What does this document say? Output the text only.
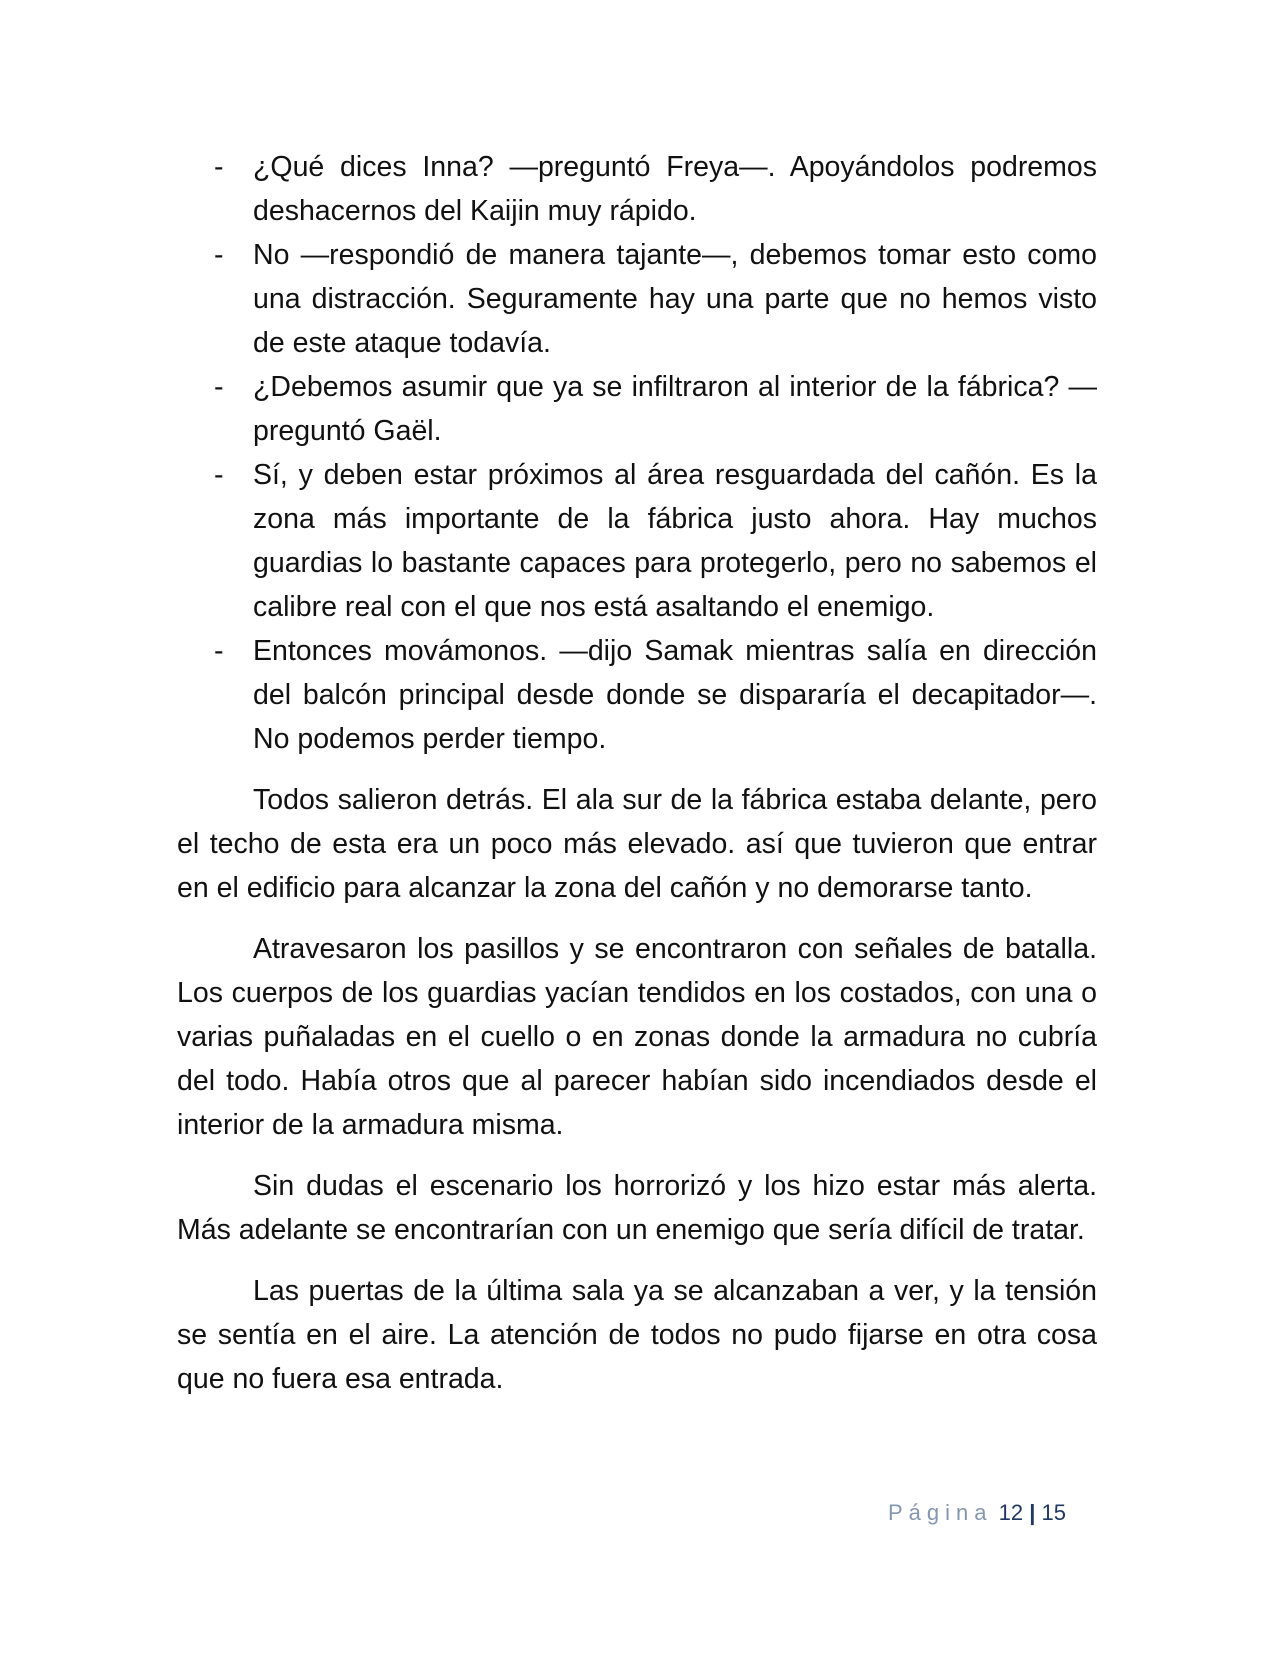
- ¿Qué dices Inna? —preguntó Freya—. Apoyándolos podremos deshacernos del Kaijin muy rápido.
- No —respondió de manera tajante—, debemos tomar esto como una distracción. Seguramente hay una parte que no hemos visto de este ataque todavía.
- ¿Debemos asumir que ya se infiltraron al interior de la fábrica? —preguntó Gaël.
- Sí, y deben estar próximos al área resguardada del cañón. Es la zona más importante de la fábrica justo ahora. Hay muchos guardias lo bastante capaces para protegerlo, pero no sabemos el calibre real con el que nos está asaltando el enemigo.
- Entonces movámonos. —dijo Samak mientras salía en dirección del balcón principal desde donde se dispararía el decapitador—. No podemos perder tiempo.

Todos salieron detrás. El ala sur de la fábrica estaba delante, pero el techo de esta era un poco más elevado. así que tuvieron que entrar en el edificio para alcanzar la zona del cañón y no demorarse tanto.

Atravesaron los pasillos y se encontraron con señales de batalla. Los cuerpos de los guardias yacían tendidos en los costados, con una o varias puñaladas en el cuello o en zonas donde la armadura no cubría del todo. Había otros que al parecer habían sido incendiados desde el interior de la armadura misma.

Sin dudas el escenario los horrorizó y los hizo estar más alerta. Más adelante se encontrarían con un enemigo que sería difícil de tratar.

Las puertas de la última sala ya se alcanzaban a ver, y la tensión se sentía en el aire. La atención de todos no pudo fijarse en otra cosa que no fuera esa entrada.

Página 12 | 15
